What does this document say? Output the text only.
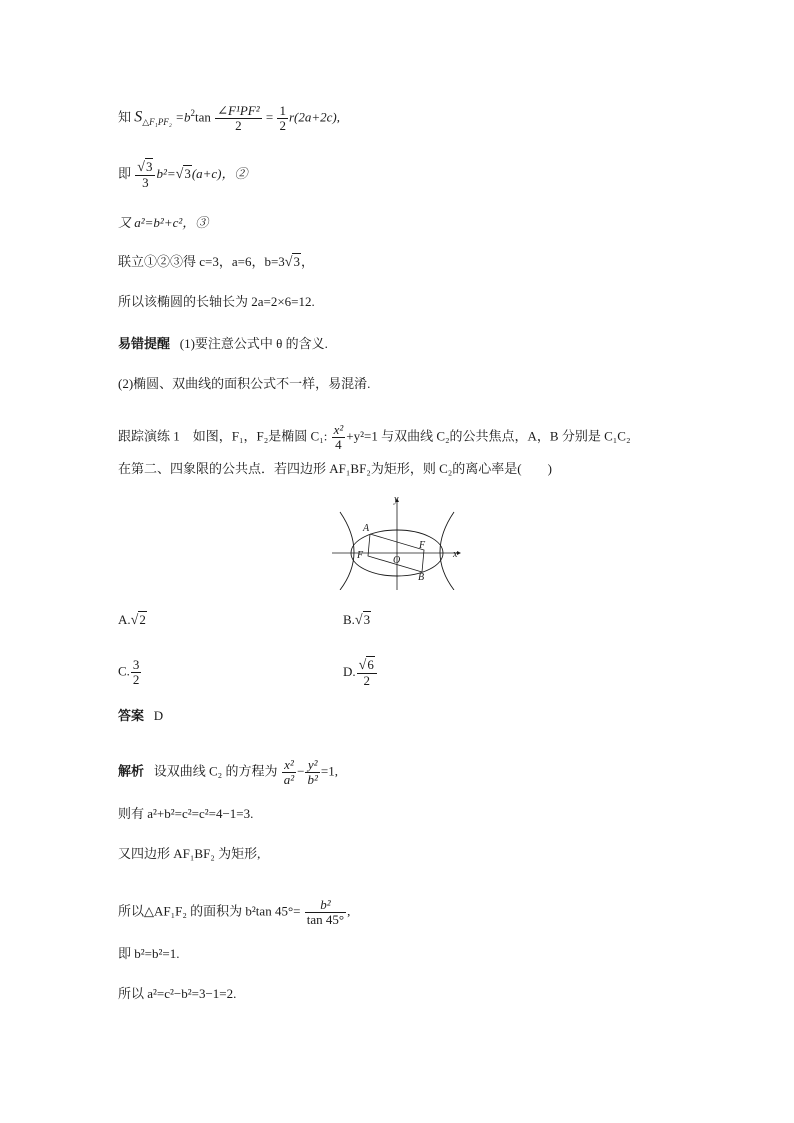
知 $S_{\triangle F_1PF_2} =b^2\tan \frac{\text{∠F¹PF²}}{2} = \frac{1}{2} r(2a+2c)$,
即 $\frac{√3}{3} b^2=√3(a+c)$，②
又 a²=b²+c²，③
联立①②③得 c=3，a=6，b=3√3，
所以该椭圆的长轴长为 2a=2×6=12.
易错提醒 (1)要注意公式中 θ 的含义.
(2)椭圆、双曲线的面积公式不一样，易混淆.
跟踪演练 1　如图，F₁，F₂是椭圆 C₁: $\frac{\text{x²}}{4} +y^2=1$ 与双曲线 C₂的公共焦点，A，B 分别是 C₁C₂
在第二、四象限的公共点．若四边形 AF₁BF₂为矩形，则 C₂的离心率是(　　)
y
x
A
B
O
F
F
A.√2	B.√3
C. $\frac{3}{2}$	D. $\frac{√6}{2}$
答案 D
解析 设双曲线 C₂ 的方程为 $\frac{\text{x²}}{\text{a²}} - \frac{\text{y²}}{\text{b²}} =1$,
则有 a²+b²=c²=c²=4−1=3.
又四边形 AF₁BF₂ 为矩形,
所以△AF₁F₂ 的面积为 b²tan $45^\circ= \frac{\text{b²}}{\tan 45^\circ}$ ,
即 b²=b²=1.
所以 a²=c²−b²=3−1=2.
